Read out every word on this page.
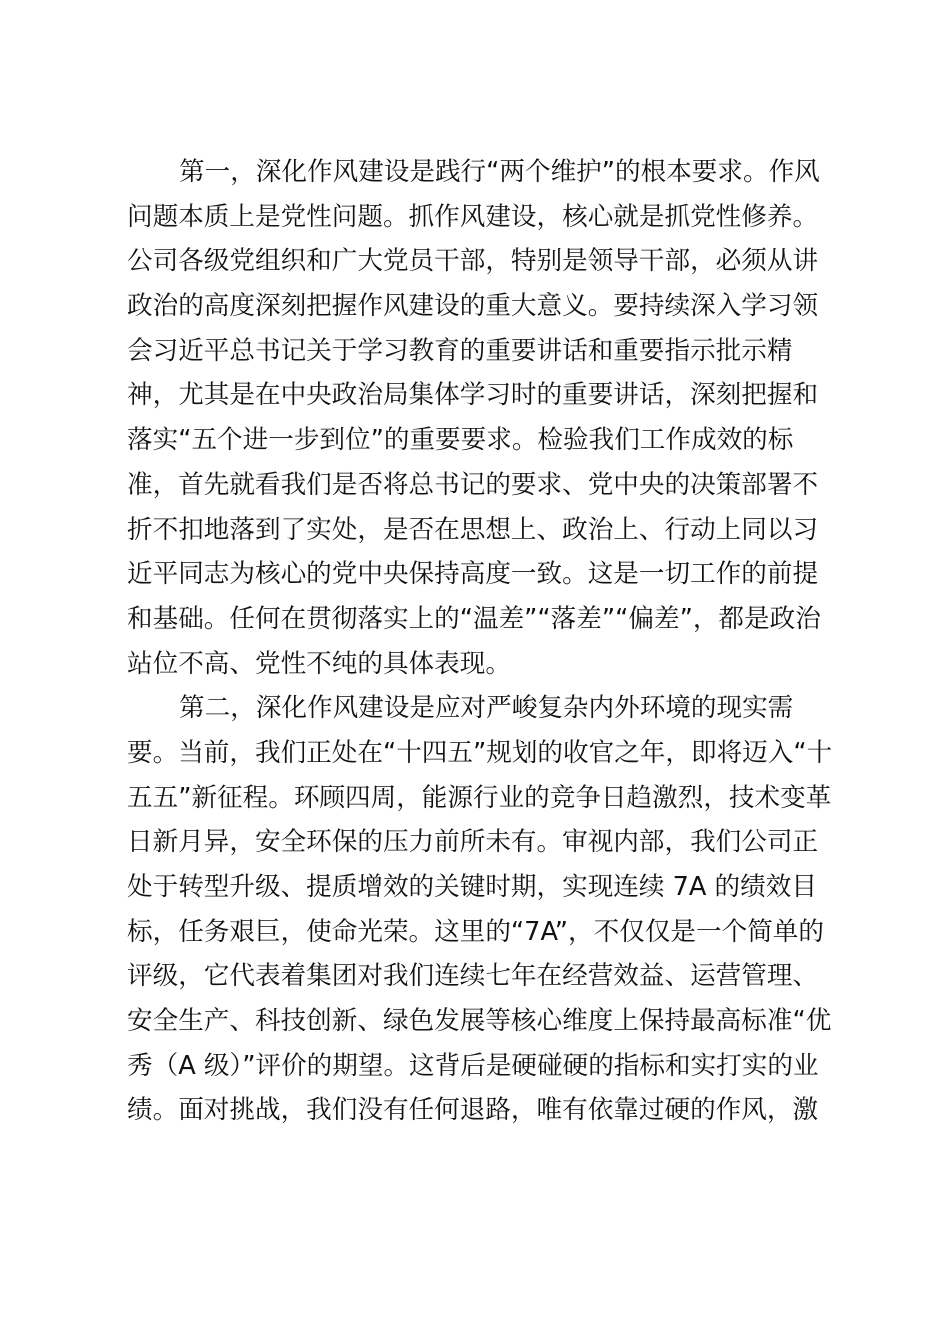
第一，深化作风建设是践行“两个维护”的根本要求。作风
问题本质上是党性问题。抓作风建设，核心就是抓党性修养。
公司各级党组织和广大党员干部，特别是领导干部，必须从讲
政治的高度深刻把握作风建设的重大意义。要持续深入学习领
会习近平总书记关于学习教育的重要讲话和重要指示批示精
神，尤其是在中央政治局集体学习时的重要讲话，深刻把握和
落实“五个进一步到位”的重要要求。检验我们工作成效的标
准，首先就看我们是否将总书记的要求、党中央的决策部署不
折不扣地落到了实处，是否在思想上、政治上、行动上同以习
近平同志为核心的党中央保持高度一致。这是一切工作的前提
和基础。任何在贯彻落实上的“温差”“落差”“偏差”，都是政治
站位不高、党性不纯的具体表现。
第二，深化作风建设是应对严峻复杂内外环境的现实需
要。当前，我们正处在“十四五”规划的收官之年，即将迈入“十
五五”新征程。环顾四周，能源行业的竞争日趋激烈，技术变革
日新月异，安全环保的压力前所未有。审视内部，我们公司正
处于转型升级、提质增效的关键时期，实现连续 7A 的绩效目
标，任务艰巨，使命光荣。这里的“7A”，不仅仅是一个简单的
评级，它代表着集团对我们连续七年在经营效益、运营管理、
安全生产、科技创新、绿色发展等核心维度上保持最高标准“优
秀（A 级）”评价的期望。这背后是硬碰硬的指标和实打实的业
绩。面对挑战，我们没有任何退路，唯有依靠过硬的作风，激
